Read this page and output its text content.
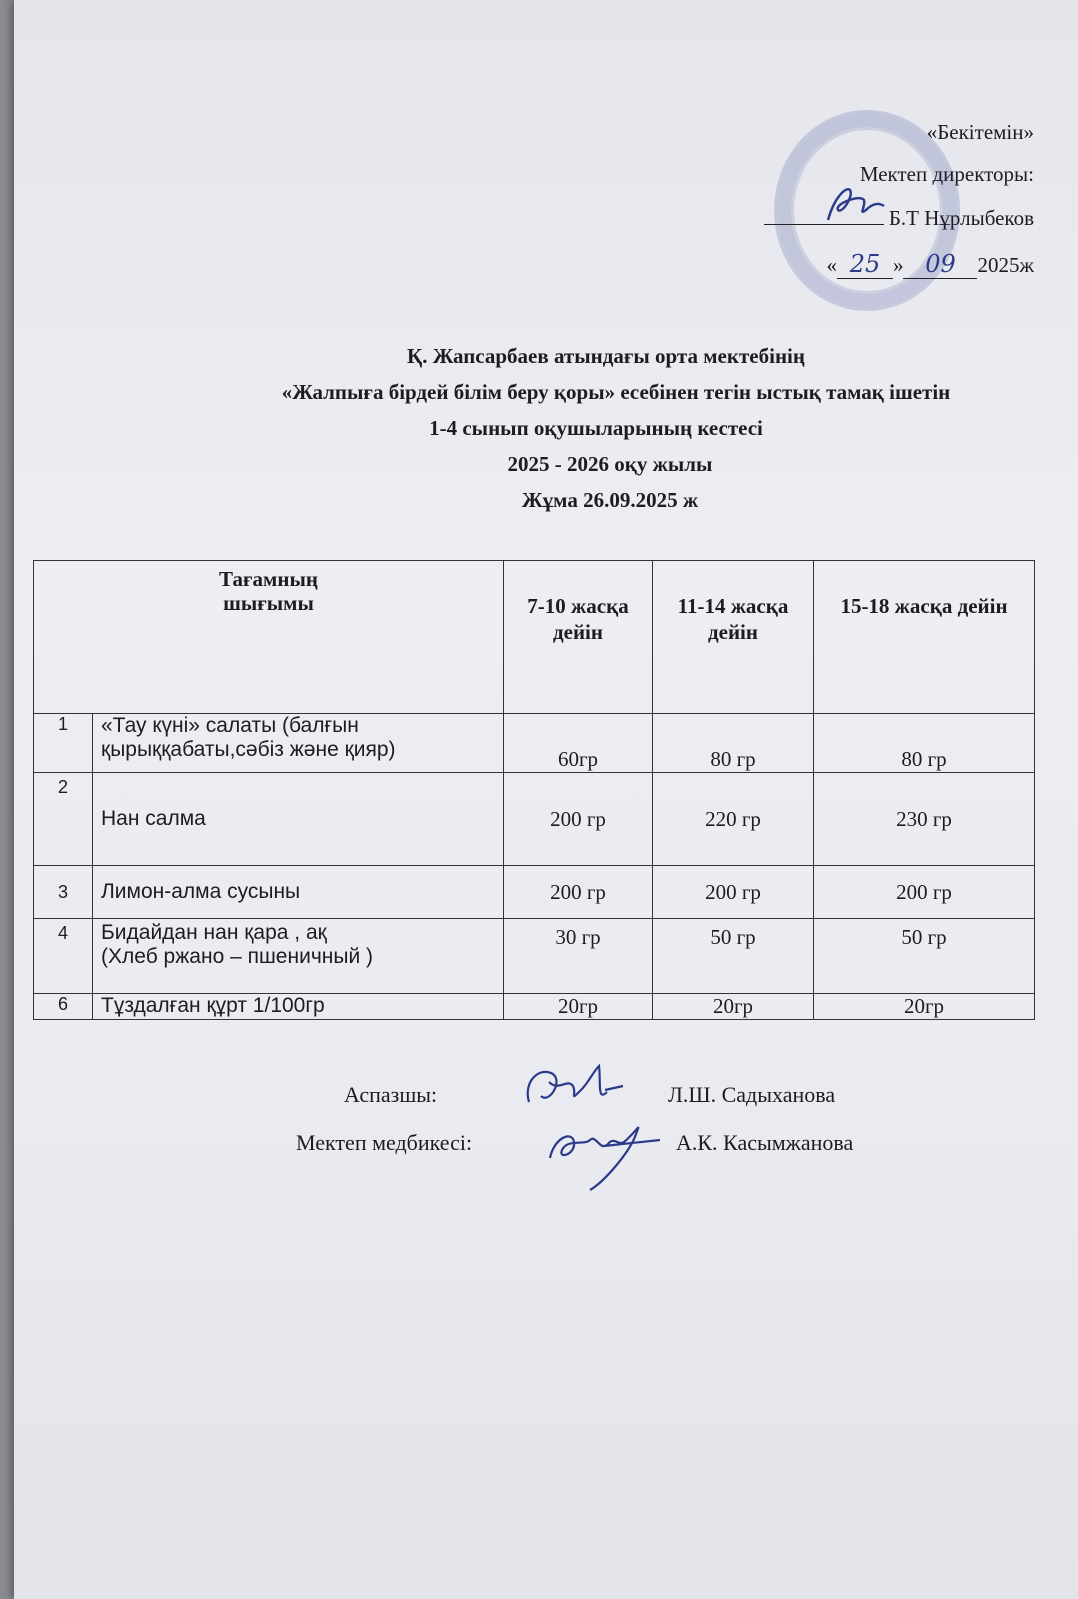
«Бекітемін»
Мектеп директоры:
Б.Т Нұрлыбеков
« 25 » 09 2025ж
Қ. Жапсарбаев атындағы орта мектебінің
«Жалпыға бірдей білім беру қоры» есебінен тегін ыстық тамақ ішетін
1-4 сынып оқушыларының кестесі
2025 - 2026 оқу жылы
Жұма 26.09.2025 ж
Тағамның
шығымы		7-10 жасқа дейін	11-14 жасқа дейін	15-18 жасқа дейін
1	«Тау күні» салаты (балғын
қырыққабаты,сәбіз және қияр)	60гр	80 гр	80 гр
2	Нан салма	200 гр	220 гр	230 гр
3	Лимон-алма сусыны	200 гр	200 гр	200 гр
4	Бидайдан нан қара , ақ
(Хлеб ржано – пшеничный )	30 гр	50 гр	50 гр
6	Тұздалған құрт 1/100гр	20гр	20гр	20гр
Аспазшы:	Л.Ш. Садыханова
Мектеп медбикесі:	А.К. Касымжанова
